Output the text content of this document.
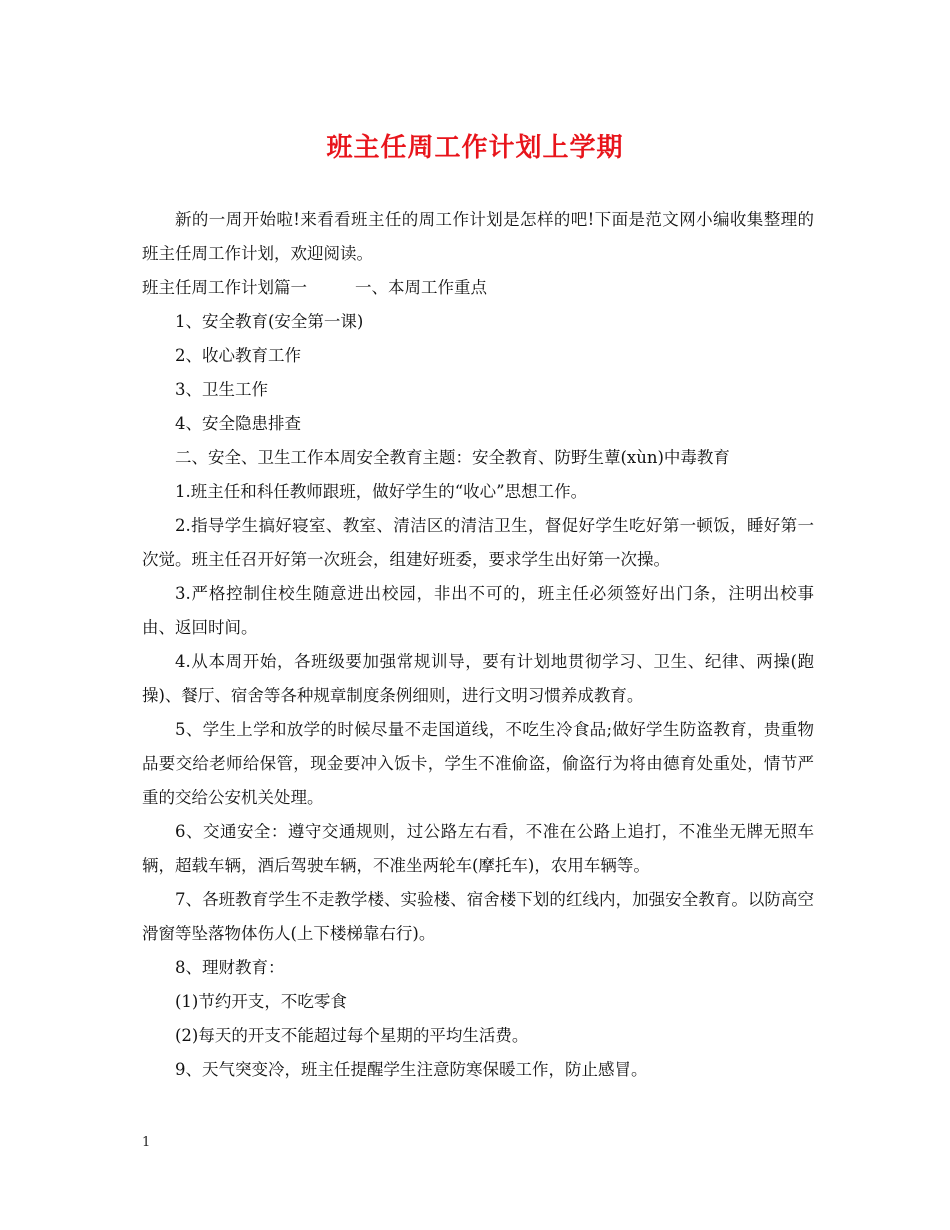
班主任周工作计划上学期

新的一周开始啦!来看看班主任的周工作计划是怎样的吧!下面是范文网小编收集整理的班主任周工作计划，欢迎阅读。

班主任周工作计划篇一	一、本周工作重点

1、安全教育(安全第一课)

2、收心教育工作

3、卫生工作

4、安全隐患排查

二、安全、卫生工作本周安全教育主题：安全教育、防野生蕈(xùn)中毒教育

1.班主任和科任教师跟班，做好学生的“收心”思想工作。

2.指导学生搞好寝室、教室、清洁区的清洁卫生，督促好学生吃好第一顿饭，睡好第一次觉。班主任召开好第一次班会，组建好班委，要求学生出好第一次操。

3.严格控制住校生随意进出校园，非出不可的，班主任必须签好出门条，注明出校事由、返回时间。

4.从本周开始，各班级要加强常规训导，要有计划地贯彻学习、卫生、纪律、两操(跑操)、餐厅、宿舍等各种规章制度条例细则，进行文明习惯养成教育。

5、学生上学和放学的时候尽量不走国道线，不吃生冷食品;做好学生防盗教育，贵重物品要交给老师给保管，现金要冲入饭卡，学生不准偷盗，偷盗行为将由德育处重处，情节严重的交给公安机关处理。

6、交通安全：遵守交通规则，过公路左右看，不准在公路上追打，不准坐无牌无照车辆，超载车辆，酒后驾驶车辆，不准坐两轮车(摩托车)，农用车辆等。

7、各班教育学生不走教学楼、实验楼、宿舍楼下划的红线内，加强安全教育。以防高空滑窗等坠落物体伤人(上下楼梯靠右行)。

8、理财教育：

(1)节约开支，不吃零食

(2)每天的开支不能超过每个星期的平均生活费。

9、天气突变冷，班主任提醒学生注意防寒保暖工作，防止感冒。

1
